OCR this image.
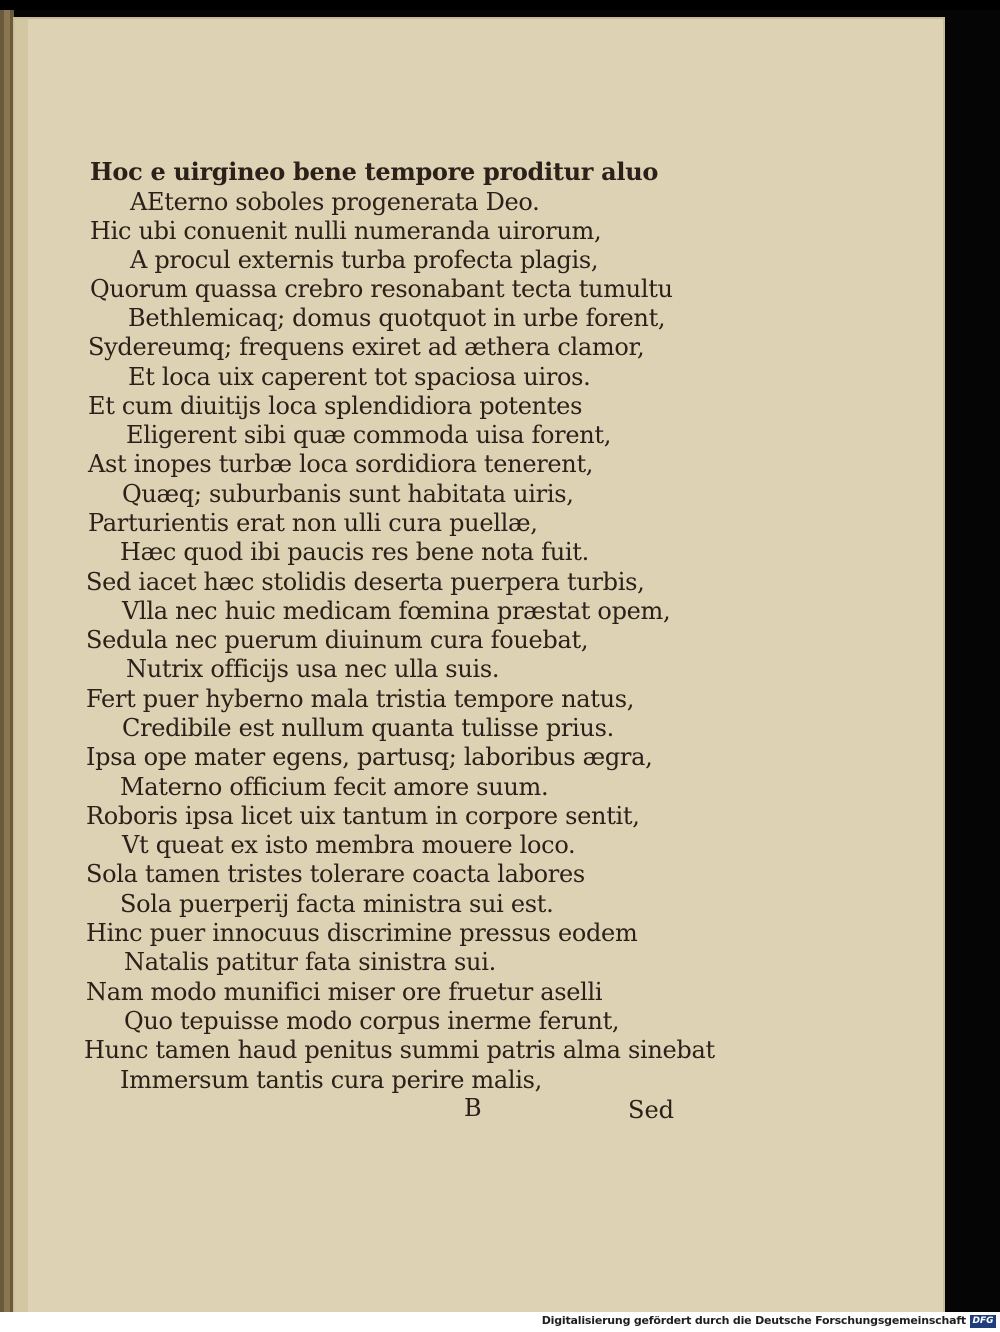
Hoc e uirgineo bene tempore proditur aluo
AEterno soboles progenerata Deo.
Hic ubi conuenit nulli numeranda uirorum,
A procul externis turba profecta plagis,
Quorum quassa crebro resonabant tecta tumultu
Bethlemicaq; domus quotquot in urbe forent,
Sydereumq; frequens exiret ad æthera clamor,
Et loca uix caperent tot spaciosa uiros.
Et cum diuitijs loca splendidiora potentes
Eligerent sibi quæ commoda uisa forent,
Ast inopes turbæ loca sordidiora tenerent,
Quæq; suburbanis sunt habitata uiris,
Parturientis erat non ulli cura puellæ,
Hæc quod ibi paucis res bene nota fuit.
Sed iacet hæc stolidis deserta puerpera turbis,
Vlla nec huic medicam fœmina præstat opem,
Sedula nec puerum diuinum cura fouebat,
Nutrix officijs usa nec ulla suis.
Fert puer hyberno mala tristia tempore natus,
Credibile est nullum quanta tulisse prius.
Ipsa ope mater egens, partusq; laboribus ægra,
Materno officium fecit amore suum.
Roboris ipsa licet uix tantum in corpore sentit,
Vt queat ex isto membra mouere loco.
Sola tamen tristes tolerare coacta labores
Sola puerperij facta ministra sui est.
Hinc puer innocuus discrimine pressus eodem
Natalis patitur fata sinistra sui.
Nam modo munifici miser ore fruetur aselli
Quo tepuisse modo corpus inerme ferunt,
Hunc tamen haud penitus summi patris alma sinebat
Immersum tantis cura perire malis,
B	Sed
Digitalisierung gefördert durch die Deutsche Forschungsgemeinschaft DFG
